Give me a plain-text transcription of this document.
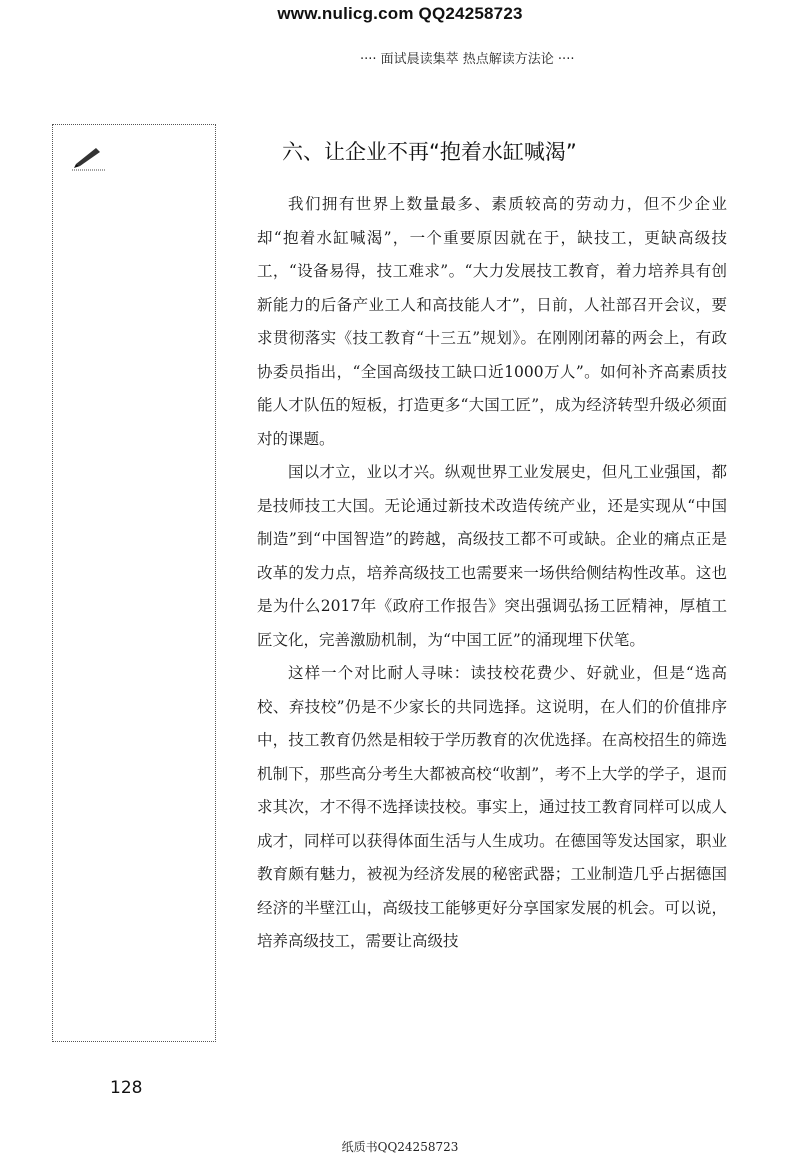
www.nulicg.com QQ24258723
···· 面试晨读集萃 热点解读方法论 ····
六、让企业不再“抱着水缸喊渴”

我们拥有世界上数量最多、素质较高的劳动力，但不少企业却“抱着水缸喊渴”，一个重要原因就在于，缺技工，更缺高级技工，“设备易得，技工难求”。“大力发展技工教育，着力培养具有创新能力的后备产业工人和高技能人才”，日前，人社部召开会议，要求贯彻落实《技工教育“十三五”规划》。在刚刚闭幕的两会上，有政协委员指出，“全国高级技工缺口近1000万人”。如何补齐高素质技能人才队伍的短板，打造更多“大国工匠”，成为经济转型升级必须面对的课题。

国以才立，业以才兴。纵观世界工业发展史，但凡工业强国，都是技师技工大国。无论通过新技术改造传统产业，还是实现从“中国制造”到“中国智造”的跨越，高级技工都不可或缺。企业的痛点正是改革的发力点，培养高级技工也需要来一场供给侧结构性改革。这也是为什么2017年《政府工作报告》突出强调弘扬工匠精神，厚植工匠文化，完善激励机制，为“中国工匠”的涌现埋下伏笔。

这样一个对比耐人寻味：读技校花费少、好就业，但是“选高校、弃技校”仍是不少家长的共同选择。这说明，在人们的价值排序中，技工教育仍然是相较于学历教育的次优选择。在高校招生的筛选机制下，那些高分考生大都被高校“收割”，考不上大学的学子，退而求其次，才不得不选择读技校。事实上，通过技工教育同样可以成人成才，同样可以获得体面生活与人生成功。在德国等发达国家，职业教育颇有魅力，被视为经济发展的秘密武器；工业制造几乎占据德国经济的半壁江山，高级技工能够更好分享国家发展的机会。可以说，培养高级技工，需要让高级技

128
纸质书QQ24258723
